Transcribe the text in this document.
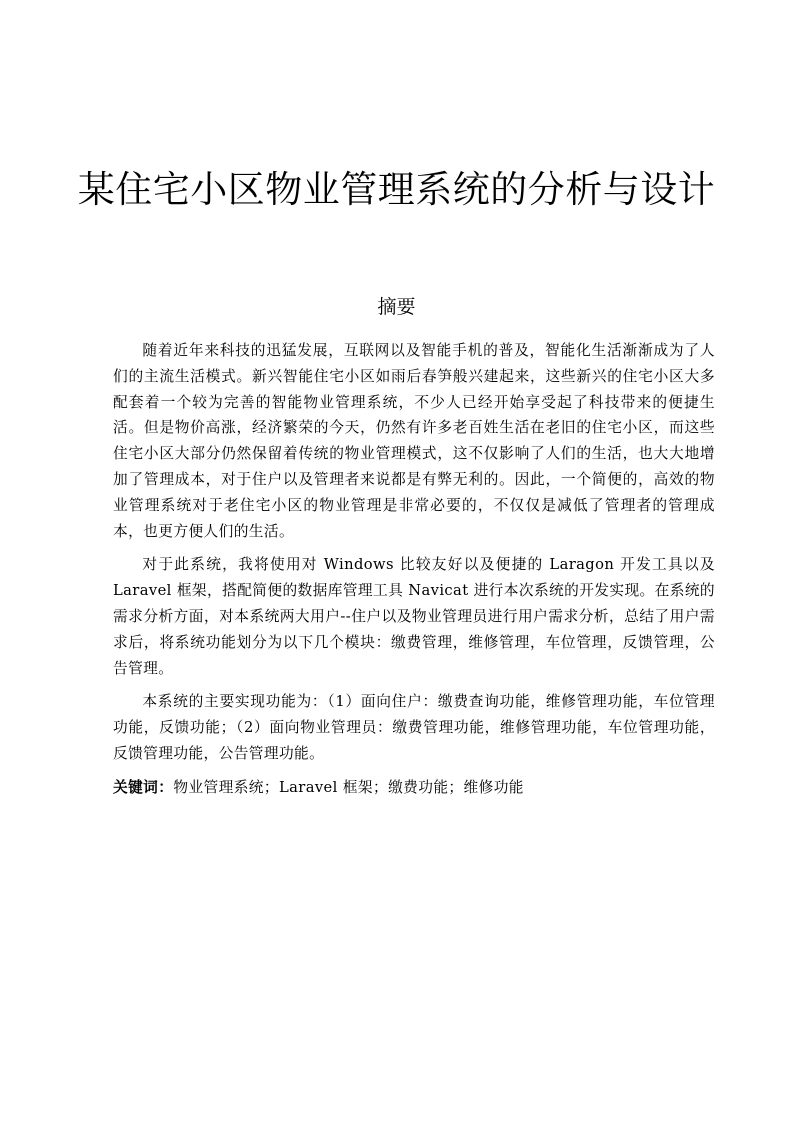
某住宅小区物业管理系统的分析与设计
摘要

随着近年来科技的迅猛发展，互联网以及智能手机的普及，智能化生活渐渐成为了人们的主流生活模式。新兴智能住宅小区如雨后春笋般兴建起来，这些新兴的住宅小区大多配套着一个较为完善的智能物业管理系统，不少人已经开始享受起了科技带来的便捷生活。但是物价高涨，经济繁荣的今天，仍然有许多老百姓生活在老旧的住宅小区，而这些住宅小区大部分仍然保留着传统的物业管理模式，这不仅影响了人们的生活，也大大地增加了管理成本，对于住户以及管理者来说都是有弊无利的。因此，一个简便的，高效的物业管理系统对于老住宅小区的物业管理是非常必要的，不仅仅是减低了管理者的管理成本，也更方便人们的生活。

对于此系统，我将使用对 Windows 比较友好以及便捷的 Laragon 开发工具以及 Laravel 框架，搭配简便的数据库管理工具 Navicat 进行本次系统的开发实现。在系统的需求分析方面，对本系统两大用户--住户以及物业管理员进行用户需求分析，总结了用户需求后，将系统功能划分为以下几个模块：缴费管理，维修管理，车位管理，反馈管理，公告管理。

本系统的主要实现功能为：（1）面向住户：缴费查询功能，维修管理功能，车位管理功能，反馈功能；（2）面向物业管理员：缴费管理功能，维修管理功能，车位管理功能，反馈管理功能，公告管理功能。

关键词：物业管理系统；Laravel 框架；缴费功能；维修功能
